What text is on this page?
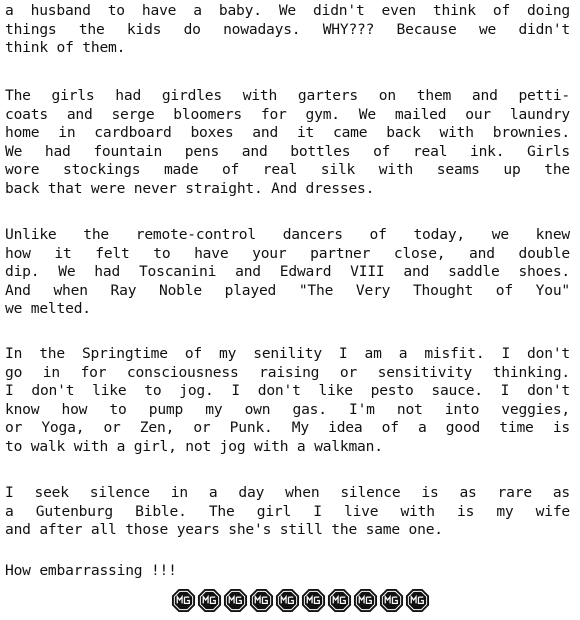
a husband to have a baby. We didn't even think of doing
things the kids do nowadays. WHY??? Because we didn't
think of them.
The girls had girdles with garters on them and petti-
coats and serge bloomers for gym. We mailed our laundry
home in cardboard boxes and it came back with brownies.
We had fountain pens and bottles of real ink. Girls
wore stockings made of real silk with seams up the
back that were never straight. And dresses.
Unlike the remote-control dancers of today, we knew
how it felt to have your partner close, and double
dip. We had Toscanini and Edward VIII and saddle shoes.
And when Ray Noble played "The Very Thought of You"
we melted.
In the Springtime of my senility I am a misfit. I don't
go in for consciousness raising or sensitivity thinking.
I don't like to jog. I don't like pesto sauce. I don't
know how to pump my own gas. I'm not into veggies,
or Yoga, or Zen, or Punk. My idea of a good time is
to walk with a girl, not jog with a walkman.
I seek silence in a day when silence is as rare as
a Gutenburg Bible. The girl I live with is my wife
and after all those years she's still the same one.
How embarrassing !!!
